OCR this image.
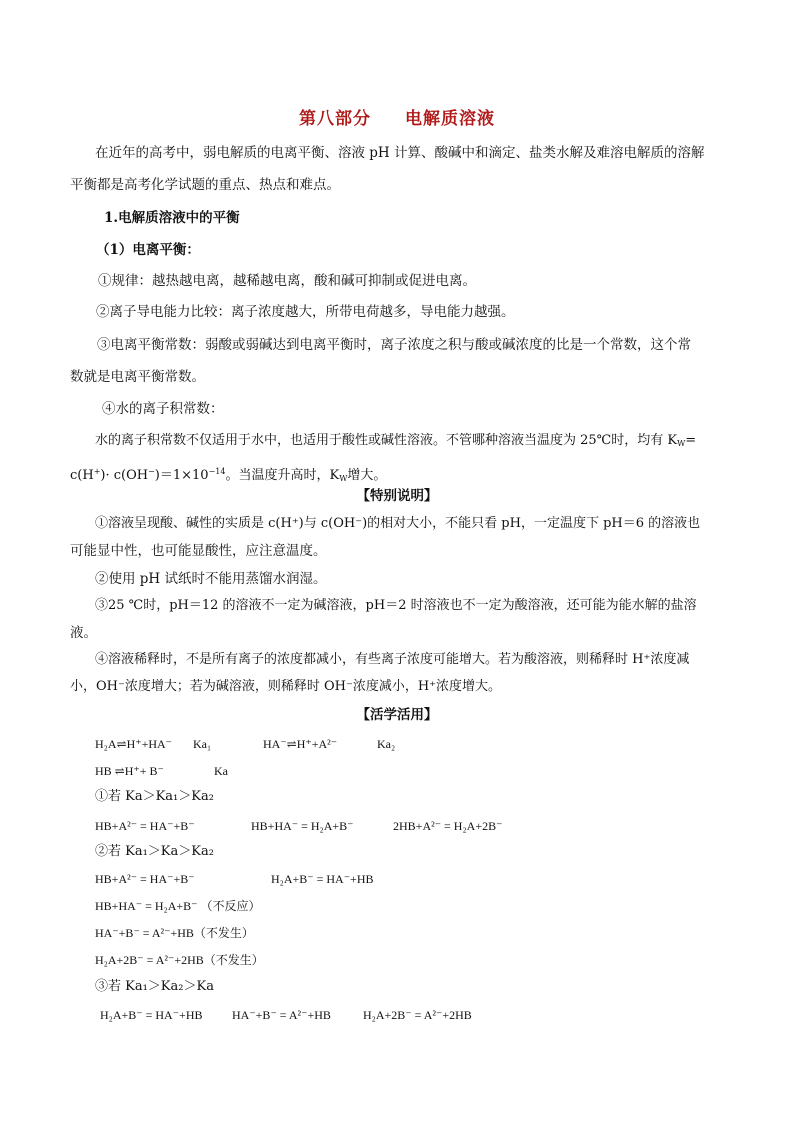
第八部分 电解质溶液
在近年的高考中，弱电解质的电离平衡、溶液 pH 计算、酸碱中和滴定、盐类水解及难溶电解质的溶解
平衡都是高考化学试题的重点、热点和难点。
1.电解质溶液中的平衡
（1）电离平衡：
①规律：越热越电离，越稀越电离，酸和碱可抑制或促进电离。
②离子导电能力比较：离子浓度越大，所带电荷越多，导电能力越强。
③电离平衡常数：弱酸或弱碱达到电离平衡时，离子浓度之积与酸或碱浓度的比是一个常数，这个常
数就是电离平衡常数。
④水的离子积常数：
水的离子积常数不仅适用于水中，也适用于酸性或碱性溶液。不管哪种溶液当温度为 25℃时，均有 $K_W=$
$c(H^+)\cdot c(OH^-)=1\times 10^{-14}$。当温度升高时，$K_W$增大。
【特别说明】
①溶液呈现酸、碱性的实质是 c(H⁺)与 c(OH⁻)的相对大小，不能只看 pH，一定温度下 pH＝6 的溶液也
可能显中性，也可能显酸性，应注意温度。
②使用 pH 试纸时不能用蒸馏水润湿。
③25 ℃时，pH＝12 的溶液不一定为碱溶液，pH＝2 时溶液也不一定为酸溶液，还可能为能水解的盐溶
液。
④溶液稀释时，不是所有离子的浓度都减小，有些离子浓度可能增大。若为酸溶液，则稀释时 H⁺浓度减
小，OH⁻浓度增大；若为碱溶液，则稀释时 OH⁻浓度减小，H⁺浓度增大。
【活学活用】
H₂A⇌H⁺+HA⁻ Ka₁	HA⁻⇌H⁺+A²⁻	Ka₂
HB ⇌H⁺+ B⁻	Ka
①若 Ka＞Ka₁＞Ka₂
HB+A²⁻ = HA⁻+B⁻	HB+HA⁻ = H₂A+B⁻	2HB+A²⁻ = H₂A+2B⁻
②若 Ka₁＞Ka＞Ka₂
HB+A²⁻ = HA⁻+B⁻	H₂A+B⁻ = HA⁻+HB
HB+HA⁻ = H₂A+B⁻ （不反应）
HA⁻+B⁻ = A²⁻+HB（不发生）
H₂A+2B⁻ = A²⁻+2HB（不发生）
③若 Ka₁＞Ka₂＞Ka
H₂A+B⁻ = HA⁻+HB HA⁻+B⁻ = A²⁻+HB	H₂A+2B⁻ = A²⁻+2HB
